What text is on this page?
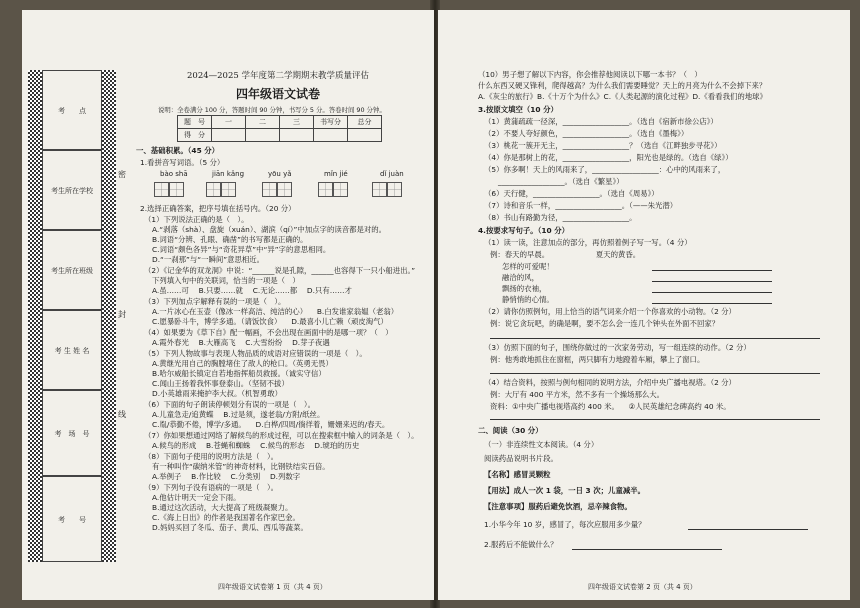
考　　点
考生所在学校
考生所在班级
考 生 姓 名
考　场　号
考　　号
密
封
线
2024—2025 学年度第二学期期末教学质量评估
四年级语文试卷
说明：全卷满分 100 分，答题时间 90 分钟，书写分 5 分。答卷时间 90 分钟。
题　号	一	二	三	书写分	总分
得　分					
一、基础积累。（45 分）
1.看拼音写词语。（5 分）
bào shā	jiān kǎng	yōu yǎ	mǐn jié	dǐ juàn
2.选择正确答案，把序号填在括号内。（20 分）
（1）下列说法正确的是（　）。
A.“剥落（shà）、盘旋（xuán）、湖滨（qí）”中加点字的读音都是对的。
B.词语“分辨、孔眼、确凿”的书写都是正确的。
C.词语“颇色各异”与“奇花异草”中“异”字的意思相同。
D.“一刹那”与“一瞬间”意思相近。
（2）《记金华的双龙洞》中说：“______说是孔隙，______也容得下一只小船进出。”
下列填入句中的关联词，恰当的一项是（　）
A.虽……可 　B.只要……就 　C.无论……都 　D.只有……才
（3）下列加点字解释有误的一项是（　）。
A.一片冰心在玉壶（像冰一样高洁、纯洁的心） 　B.白发谁家翁媪（老翁）
C.愿暴卧斗牛，博学多通。（请饭饮食） 　D.最喜小儿亡赖（顽皮淘气）
（4）如果要为《草下自》配一幅画，不会出现在画面中的是哪一项？（　）
A.霞外春光 　B.大雁高飞 　C.大雪纷纷 　D.芽子夜遇
（5）下列人物故事与表现人物品质的成语对应错误的一项是（　）。
A.黄继光用自己的胸膛堵住了敌人的枪口。（英勇无畏）
B.哈尔威船长镇定自若地指挥船员救援。（诚实守信）
C.闻山王扬着我怀事登泰山。（坚韧不拔）
D.小英雄雨来掩护李大叔。（机智勇敢）
（6）下面的句子朗读停顿划分有误的一项是（　）。
A.儿童急走/追黄蝶 　B.过是须，遂老翁/方附/纸丝。
C.胤/恭勤不倦，博学/多通。 　D.白桦/四周/徜徉着，姗姗来迟的/春天。
（7）你如果想通过网络了解候鸟的形成过程，可以在搜索框中输入的词条是（　）。
A.候鸟的形成 　B.苍蝇和蜘蛛 　C.候鸟的形态 　D.琥珀的历史
（8）下面句子使用的说明方法是（　）。
有一种叫作“碳纳米管”的神奇材料，比钢铁结实百倍。
A.举例子 　B.作比较 　C.分类别 　D.列数字
（9）下列句子没有语病的一项是（　）。
A.他估计明天一定会下雨。
B.通过这次活动，大大提高了班级凝聚力。
C.《海上日出》的作者是我国著名作家巴金。
D.妈妈买回了冬瓜、茄子、黄瓜、西瓜等蔬菜。
四年级语文试卷第 1 页（共 4 页）
（10）男子想了解以下内容，你会推荐他阅读以下哪一本书？（　）
什么东西又硬又锋利，爬得越高？为什么我们需要睡觉？天上的月亮为什么不会掉下来？
A.《灰尘的旅行》B.《十万个为什么》C.《人类起源的演化过程》D.《看看我们的地球》
3.按原文填空（10 分）
（1）黄蒲疏疏一径深，__________________。（选自《宿新市徐公店》）
（2）不要人夸好颜色，__________________。（选自《墨梅》）
（3）桃花一簇开无主，__________________？（选自《江畔独步寻花》）
（4）你是那树上的花，__________________，阳光也是绿的。（选自《绿》）
（5）你多啊！天上的风雨来了，__________________：心中的风雨来了，
__________________。（选自《繁星》）
（6）天行健，__________________。（选自《周易》）
（7）诗和音乐一样，__________________。（——朱光潜）
（8）书山有路勤为径，__________________。
4.按要求写句子。（10 分）
（1）读一读，注意加点的部分，再仿照着例子写一写。（4 分）
例：春天的早晨。 　　　　　　夏天的黄昏。
怎样的可爱呢！
融洽的风，
飘扬的衣袖，
静悄悄的心情。
（2）请你仿照例句，用上恰当的语气词来介绍一个你喜欢的小动物。（2 分）
例：说它贪玩吧，的确是啊，要不怎么会一连几个钟头在外面不回家？
（3）仿照下面的句子，围绕你做过的一次家务劳动，写一组连续的动作。（2 分）
例：他秀敢地抓住在窗框，两只脚有力地蹬着车厢，攀上了窗口。
（4）结合资料，按照与例句相同的说明方法，介绍中央广播电视塔。（2 分）
例：大厅有 400 平方米，然不多有一个操场那么大。
资料：①中央广播电视塔高约 400 米。 　②人民英雄纪念碑高约 40 米。
二、阅读（30 分）
（一）非连续性文本阅读。（4 分）
阅读药品说明书片段。
【名称】感冒灵颗粒
【用法】成人一次 1 袋，一日 3 次；儿童减半。
【注意事项】服药后避免饮酒，忌辛辣食物。
1.小华今年 10 岁，感冒了，每次应服用多少量？
2.服药后不能做什么？
四年级语文试卷第 2 页（共 4 页）
